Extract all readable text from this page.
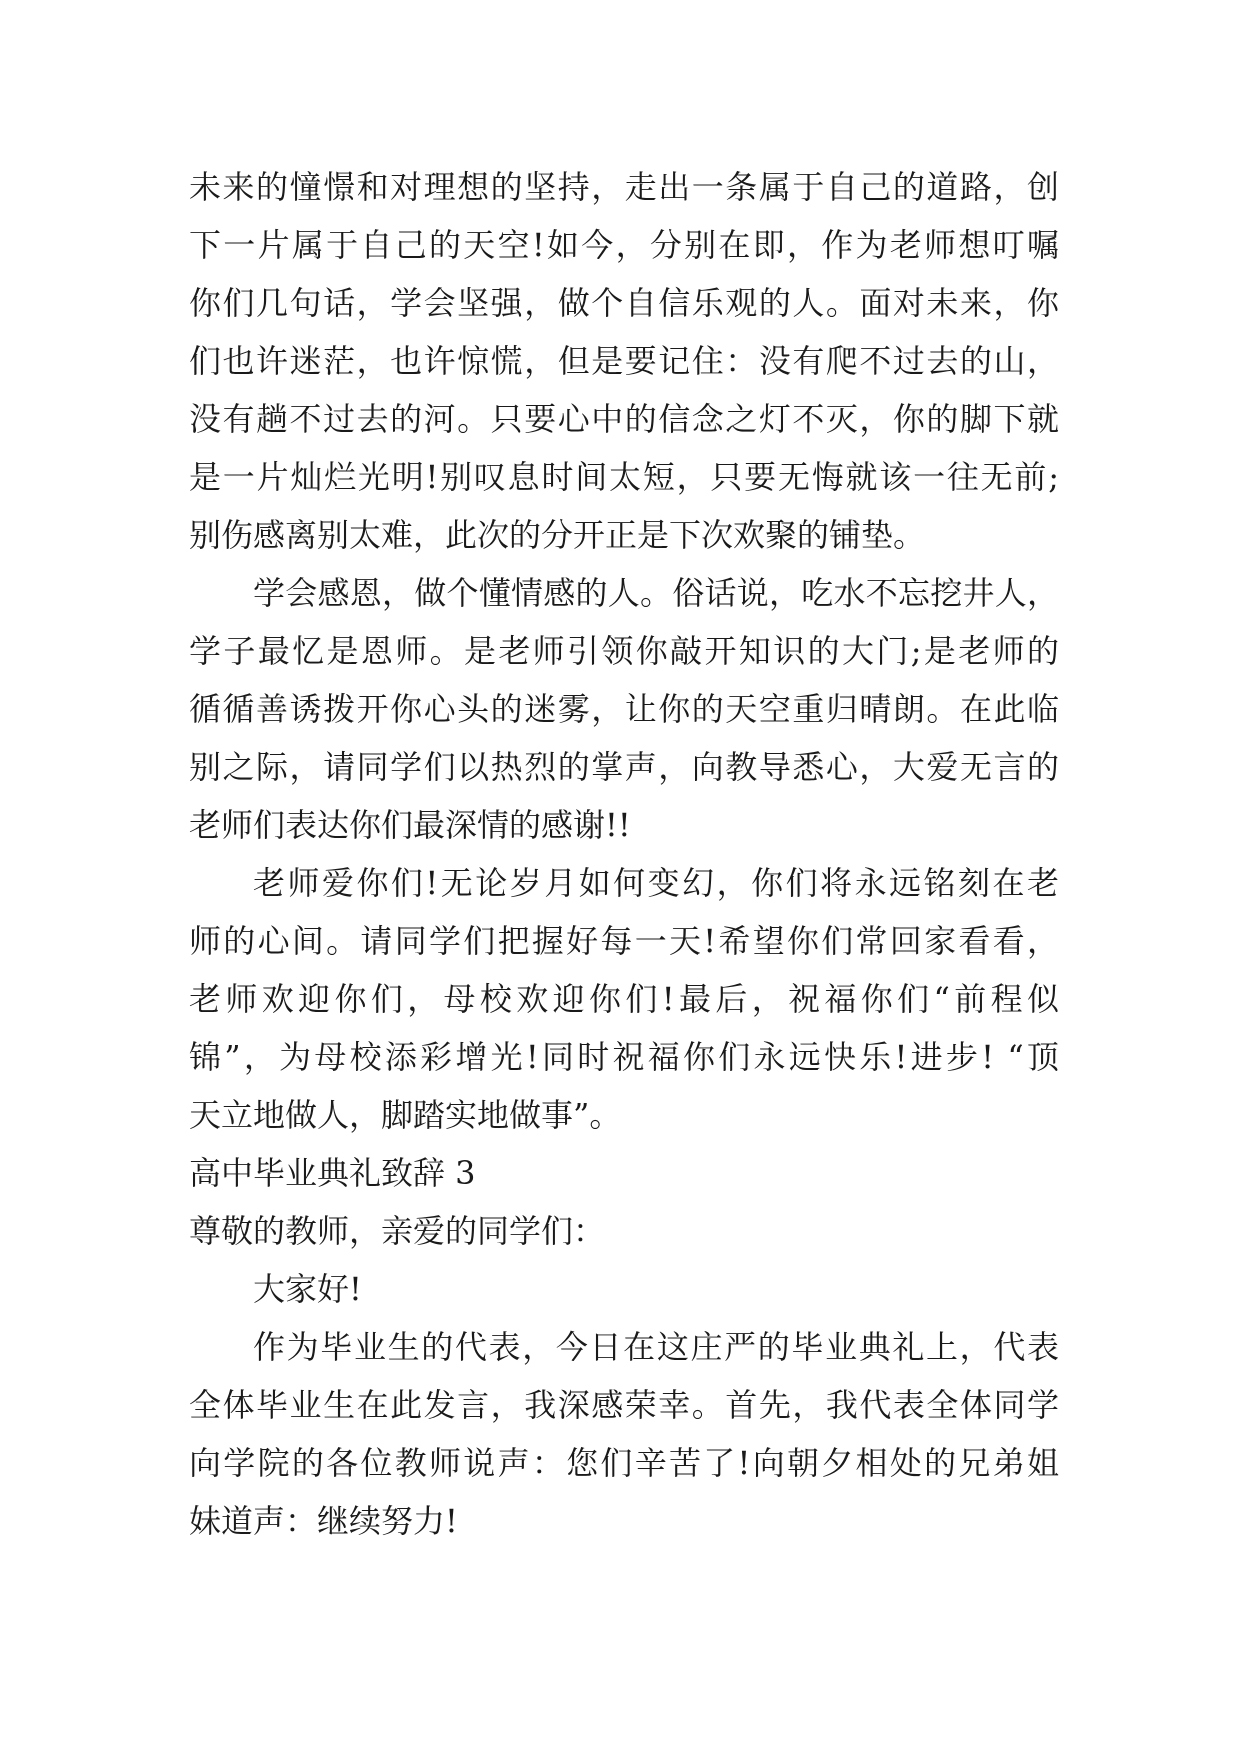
未来的憧憬和对理想的坚持，走出一条属于自己的道路，创
下一片属于自己的天空!如今，分别在即，作为老师想叮嘱
你们几句话，学会坚强，做个自信乐观的人。面对未来，你
们也许迷茫，也许惊慌，但是要记住：没有爬不过去的山，
没有趟不过去的河。只要心中的信念之灯不灭，你的脚下就
是一片灿烂光明!别叹息时间太短，只要无悔就该一往无前;
别伤感离别太难，此次的分开正是下次欢聚的铺垫。
学会感恩，做个懂情感的人。俗话说，吃水不忘挖井人，
学子最忆是恩师。是老师引领你敲开知识的大门;是老师的
循循善诱拨开你心头的迷雾，让你的天空重归晴朗。在此临
别之际，请同学们以热烈的掌声，向教导悉心，大爱无言的
老师们表达你们最深情的感谢!!
老师爱你们!无论岁月如何变幻，你们将永远铭刻在老
师的心间。请同学们把握好每一天!希望你们常回家看看，
老师欢迎你们，母校欢迎你们!最后，祝福你们“前程似
锦”，为母校添彩增光!同时祝福你们永远快乐!进步! “顶
天立地做人，脚踏实地做事”。
高中毕业典礼致辞 3
尊敬的教师，亲爱的同学们：
大家好!
作为毕业生的代表，今日在这庄严的毕业典礼上，代表
全体毕业生在此发言，我深感荣幸。首先，我代表全体同学
向学院的各位教师说声：您们辛苦了!向朝夕相处的兄弟姐
妹道声：继续努力!
